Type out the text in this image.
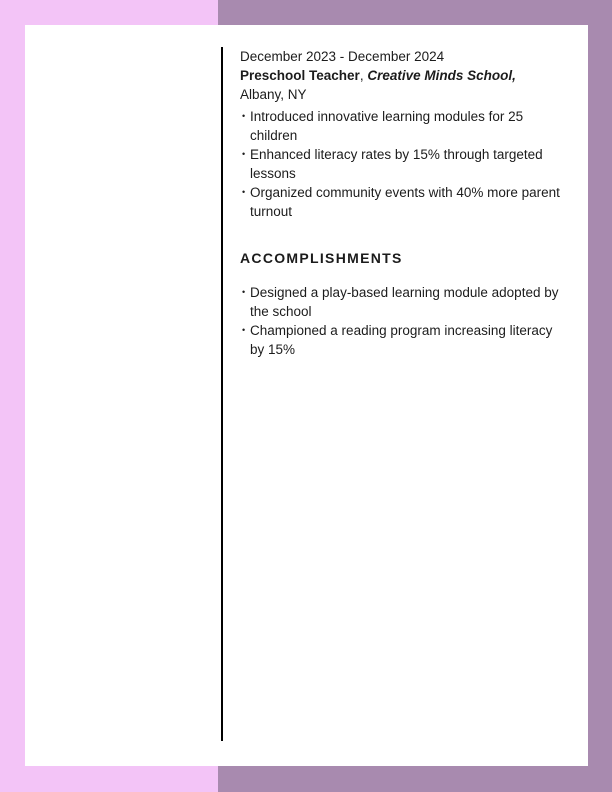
December 2023 - December 2024
Preschool Teacher, Creative Minds School,
Albany, NY
• Introduced innovative learning modules for 25 children
• Enhanced literacy rates by 15% through targeted lessons
• Organized community events with 40% more parent turnout
ACCOMPLISHMENTS
• Designed a play-based learning module adopted by the school
• Championed a reading program increasing literacy by 15%
